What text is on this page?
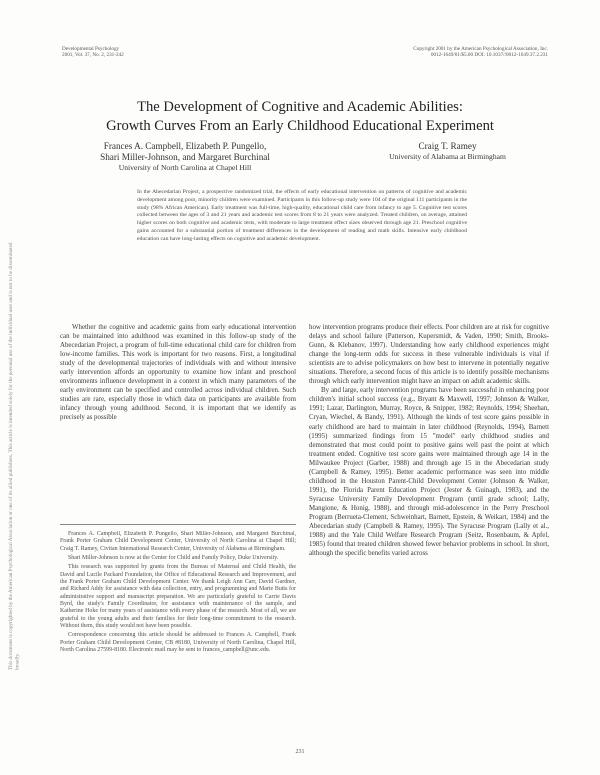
Developmental Psychology
2001, Vol. 37, No. 2, 231-242
Copyright 2001 by the American Psychological Association, Inc.
0012-1649/01/$5.00 DOI: 10.1037//0012-1649.37.2.231
The Development of Cognitive and Academic Abilities:
Growth Curves From an Early Childhood Educational Experiment
Frances A. Campbell, Elizabeth P. Pungello,
Shari Miller-Johnson, and Margaret Burchinal
University of North Carolina at Chapel Hill
Craig T. Ramey
University of Alabama at Birmingham
In the Abecedarian Project, a prospective randomized trial, the effects of early educational intervention on patterns of cognitive and academic development among poor, minority children were examined. Participants in this follow-up study were 104 of the original 111 participants in the study (98% African American). Early treatment was full-time, high-quality, educational child care from infancy to age 5. Cognitive test scores collected between the ages of 3 and 21 years and academic test scores from 8 to 21 years were analyzed. Treated children, on average, attained higher scores on both cognitive and academic tests, with moderate to large treatment effect sizes observed through age 21. Preschool cognitive gains accounted for a substantial portion of treatment differences in the development of reading and math skills. Intensive early childhood education can have long-lasting effects on cognitive and academic development.

Whether the cognitive and academic gains from early educational intervention can be maintained into adulthood was examined in this follow-up study of the Abecedarian Project, a program of full-time educational child care for children from low-income families. This work is important for two reasons. First, a longitudinal study of the developmental trajectories of individuals with and without intensive early intervention affords an opportunity to examine how infant and preschool environments influence development in a context in which many parameters of the early environment can be specified and controlled across individual children. Such studies are rare, especially those in which data on participants are available from infancy through young adulthood. Second, it is important that we identify as precisely as possible

Frances A. Campbell, Elizabeth P. Pungello, Shari Miller-Johnson, and Margaret Burchinal, Frank Porter Graham Child Development Center, University of North Carolina at Chapel Hill; Craig T. Ramey, Civitan International Research Center, University of Alabama at Birmingham.

Shari Miller-Johnson is now at the Center for Child and Family Policy, Duke University.

This research was supported by grants from the Bureau of Maternal and Child Health, the David and Lucile Packard Foundation, the Office of Educational Research and Improvement, and the Frank Porter Graham Child Development Center. We thank Leigh Ann Carr, David Gardner, and Richard Addy for assistance with data collection, entry, and programming and Marie Butts for administrative support and manuscript preparation. We are particularly grateful to Carrie Davis Byrd, the study's Family Coordinator, for assistance with maintenance of the sample, and Katherine Hoke for many years of assistance with every phase of the research. Most of all, we are grateful to the young adults and their families for their long-time commitment to the research. Without them, this study would not have been possible.

Correspondence concerning this article should be addressed to Frances A. Campbell, Frank Porter Graham Child Development Center, CB #8180, University of North Carolina, Chapel Hill, North Carolina 27599-8180. Electronic mail may be sent to frances_campbell@unc.edu.

how intervention programs produce their effects. Poor children are at risk for cognitive delays and school failure (Patterson, Kupersmidt, & Vaden, 1990; Smith, Brooks-Gunn, & Klebanov, 1997). Understanding how early childhood experiences might change the long-term odds for success in these vulnerable individuals is vital if scientists are to advise policymakers on how best to intervene in potentially negative situations. Therefore, a second focus of this article is to identify possible mechanisms through which early intervention might have an impact on adult academic skills.

By and large, early intervention programs have been successful in enhancing poor children's initial school success (e.g., Bryant & Maxwell, 1997; Johnson & Walker, 1991; Lazar, Darlington, Murray, Royce, & Snipper, 1982; Reynolds, 1994; Sheehan, Cryan, Wiechel, & Bandy, 1991). Although the kinds of test score gains possible in early childhood are hard to maintain in later childhood (Reynolds, 1994), Barnett (1995) summarized findings from 15 "model" early childhood studies and demonstrated that most could point to positive gains well past the point at which treatment ended. Cognitive test score gains were maintained through age 14 in the Milwaukee Project (Garber, 1988) and through age 15 in the Abecedarian study (Campbell & Ramey, 1995). Better academic performance was seen into middle childhood in the Houston Parent-Child Development Center (Johnson & Walker, 1991), the Florida Parent Education Project (Jester & Guinagh, 1983), and the Syracuse University Family Development Program (until grade school; Lally, Mangione, & Honig, 1988), and through mid-adolescence in the Perry Preschool Program (Berrueta-Clement, Schweinhart, Barnett, Epstein, & Weikart, 1984) and the Abecedarian study (Campbell & Ramey, 1995). The Syracuse Program (Lally et al., 1988) and the Yale Child Welfare Research Program (Seitz, Rosenbaum, & Apfel, 1985) found that treated children showed fewer behavior problems in school. In short, although the specific benefits varied across

231
This document is copyrighted by the American Psychological Association or one of its allied publishers. This article is intended solely for the personal use of the individual user and is not to be disseminated broadly.
